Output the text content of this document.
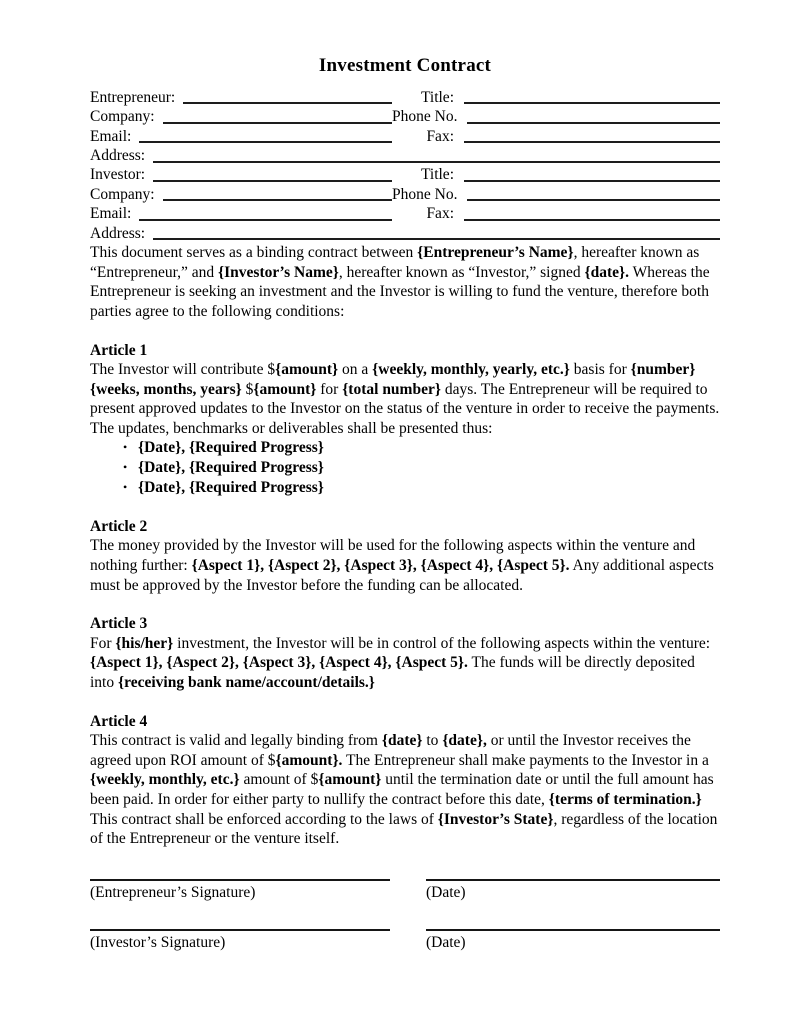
Investment Contract
Entrepreneur:	Title:
Company:	Phone No.
Email:	Fax:
Address:
Investor:	Title:
Company:	Phone No.
Email:	Fax:
Address:

This document serves as a binding contract between {Entrepreneur’s Name}, hereafter known as “Entrepreneur,” and {Investor’s Name}, hereafter known as “Investor,” signed {date}. Whereas the Entrepreneur is seeking an investment and the Investor is willing to fund the venture, therefore both parties agree to the following conditions:

Article 1

The Investor will contribute ${amount} on a {weekly, monthly, yearly, etc.} basis for {number} {weeks, months, years} ${amount} for {total number} days. The Entrepreneur will be required to present approved updates to the Investor on the status of the venture in order to receive the payments. The updates, benchmarks or deliverables shall be presented thus:

• {Date}, {Required Progress}
• {Date}, {Required Progress}
• {Date}, {Required Progress}
Article 2

The money provided by the Investor will be used for the following aspects within the venture and nothing further: {Aspect 1}, {Aspect 2}, {Aspect 3}, {Aspect 4}, {Aspect 5}. Any additional aspects must be approved by the Investor before the funding can be allocated.

Article 3

For {his/her} investment, the Investor will be in control of the following aspects within the venture: {Aspect 1}, {Aspect 2}, {Aspect 3}, {Aspect 4}, {Aspect 5}. The funds will be directly deposited into {receiving bank name/account/details.}

Article 4

This contract is valid and legally binding from {date} to {date}, or until the Investor receives the agreed upon ROI amount of ${amount}. The Entrepreneur shall make payments to the Investor in a {weekly, monthly, etc.} amount of ${amount} until the termination date or until the full amount has been paid. In order for either party to nullify the contract before this date, {terms of termination.}

This contract shall be enforced according to the laws of {Investor’s State}, regardless of the location of the Entrepreneur or the venture itself.

(Entrepreneur’s Signature)	(Date)
(Investor’s Signature)	(Date)
